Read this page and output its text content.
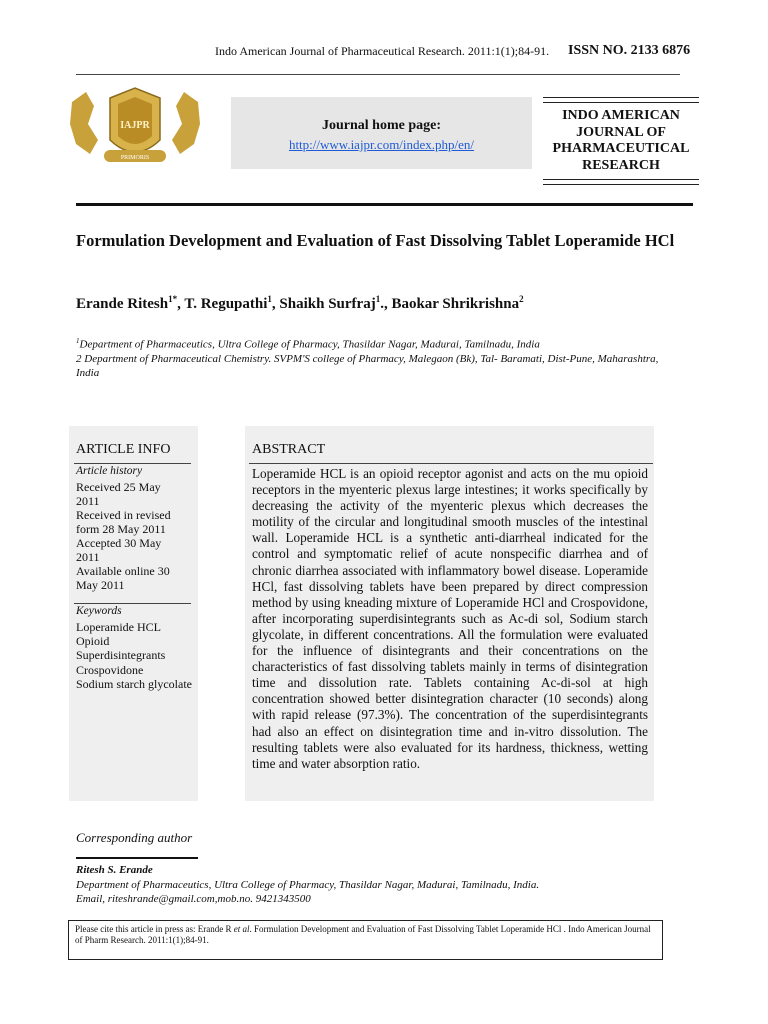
Indo American Journal of Pharmaceutical Research. 2011:1(1);84-91. ISSN NO. 2133 6876
IAJPR
PRIMORIS
Journal home page:
http://www.iajpr.com/index.php/en/
INDO AMERICAN
JOURNAL OF
PHARMACEUTICAL
RESEARCH
Formulation Development and Evaluation of Fast Dissolving Tablet Loperamide HCl
Erande Ritesh$^{1*}$, T. Regupathi$^1$, Shaikh Surfraj$^1$., Baokar Shrikrishna$^2$
$^1$Department of Pharmaceutics, Ultra College of Pharmacy, Thasildar Nagar, Madurai, Tamilnadu, India
2 Department of Pharmaceutical Chemistry. SVPM'S college of Pharmacy, Malegaon (Bk), Tal- Baramati, Dist-Pune, Maharashtra, India
ARTICLE INFO
Article history
Received 25 May
2011
Received in revised
form 28 May 2011
Accepted 30 May
2011
Available online 30
May 2011
Keywords
Loperamide HCL
Opioid
Superdisintegrants
Crospovidone
Sodium starch glycolate
ABSTRACT
Loperamide HCL is an opioid receptor agonist and acts on the mu opioid receptors in the myenteric plexus large intestines; it works specifically by decreasing the activity of the myenteric plexus which decreases the motility of the circular and longitudinal smooth muscles of the intestinal wall. Loperamide HCL is a synthetic anti-diarrheal indicated for the control and symptomatic relief of acute nonspecific diarrhea and of chronic diarrhea associated with inflammatory bowel disease. Loperamide HCl, fast dissolving tablets have been prepared by direct compression method by using kneading mixture of Loperamide HCl and Crospovidone, after incorporating superdisintegrants such as Ac-di sol, Sodium starch glycolate, in different concentrations. All the formulation were evaluated for the influence of disintegrants and their concentrations on the characteristics of fast dissolving tablets mainly in terms of disintegration time and dissolution rate. Tablets containing Ac-di-sol at high concentration showed better disintegration character (10 seconds) along with rapid release (97.3%). The concentration of the superdisintegrants had also an effect on disintegration time and in-vitro dissolution. The resulting tablets were also evaluated for its hardness, thickness, wetting time and water absorption ratio.
Corresponding author
Ritesh S. Erande
Department of Pharmaceutics, Ultra College of Pharmacy, Thasildar Nagar, Madurai, Tamilnadu, India.
Email, riteshrande@gmail.com,mob.no. 9421343500
Please cite this article in press as: Erande R et al. Formulation Development and Evaluation of Fast Dissolving Tablet Loperamide HCl . Indo American Journal of Pharm Research. 2011:1(1);84-91.
